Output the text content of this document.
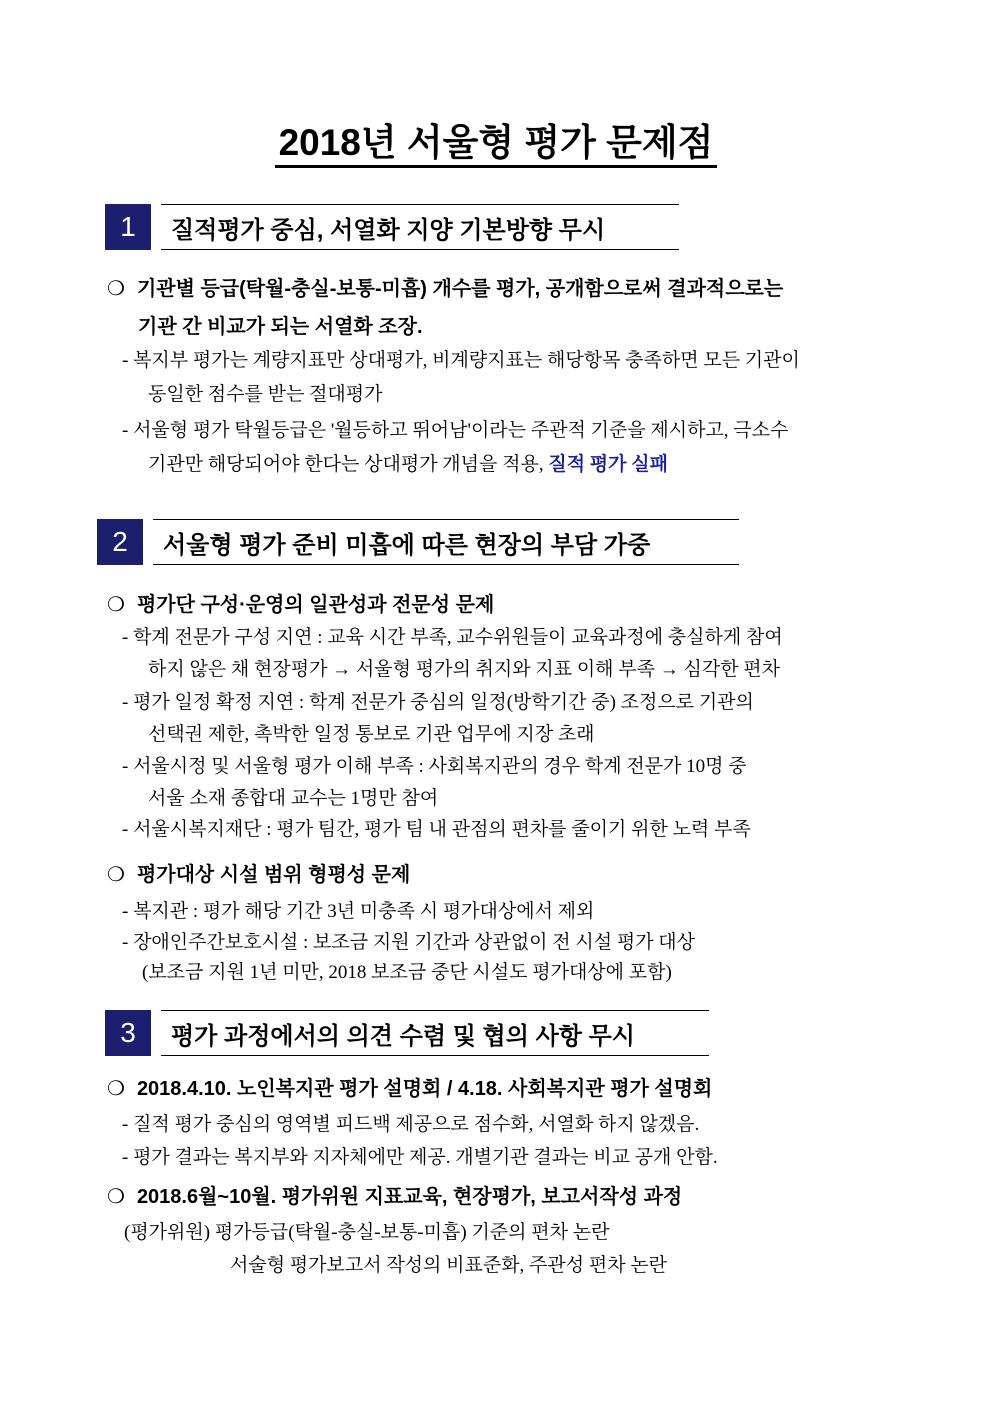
2018년 서울형 평가 문제점
1	질적평가 중심, 서열화 지양 기본방향 무시
❍ 기관별 등급(탁월-충실-보통-미흡) 개수를 평가, 공개함으로써 결과적으로는
기관 간 비교가 되는 서열화 조장.
- 복지부 평가는 계량지표만 상대평가, 비계량지표는 해당항목 충족하면 모든 기관이
동일한 점수를 받는 절대평가
- 서울형 평가 탁월등급은 '월등하고 뛰어남'이라는 주관적 기준을 제시하고, 극소수
기관만 해당되어야 한다는 상대평가 개념을 적용, 질적 평가 실패
2	서울형 평가 준비 미흡에 따른 현장의 부담 가중
❍ 평가단 구성·운영의 일관성과 전문성 문제
- 학계 전문가 구성 지연 : 교육 시간 부족, 교수위원들이 교육과정에 충실하게 참여
하지 않은 채 현장평가 → 서울형 평가의 취지와 지표 이해 부족 → 심각한 편차
- 평가 일정 확정 지연 : 학계 전문가 중심의 일정(방학기간 중) 조정으로 기관의
선택권 제한, 촉박한 일정 통보로 기관 업무에 지장 초래
- 서울시정 및 서울형 평가 이해 부족 : 사회복지관의 경우 학계 전문가 10명 중
서울 소재 종합대 교수는 1명만 참여
- 서울시복지재단 : 평가 팀간, 평가 팀 내 관점의 편차를 줄이기 위한 노력 부족
❍ 평가대상 시설 범위 형평성 문제
- 복지관 : 평가 해당 기간 3년 미충족 시 평가대상에서 제외
- 장애인주간보호시설 : 보조금 지원 기간과 상관없이 전 시설 평가 대상
(보조금 지원 1년 미만, 2018 보조금 중단 시설도 평가대상에 포함)
3	평가 과정에서의 의견 수렴 및 협의 사항 무시
❍ 2018.4.10. 노인복지관 평가 설명회 / 4.18. 사회복지관 평가 설명회
- 질적 평가 중심의 영역별 피드백 제공으로 점수화, 서열화 하지 않겠음.
- 평가 결과는 복지부와 지자체에만 제공. 개별기관 결과는 비교 공개 안함.
❍ 2018.6월~10월. 평가위원 지표교육, 현장평가, 보고서작성 과정
(평가위원) 평가등급(탁월-충실-보통-미흡) 기준의 편차 논란
서술형 평가보고서 작성의 비표준화, 주관성 편차 논란
